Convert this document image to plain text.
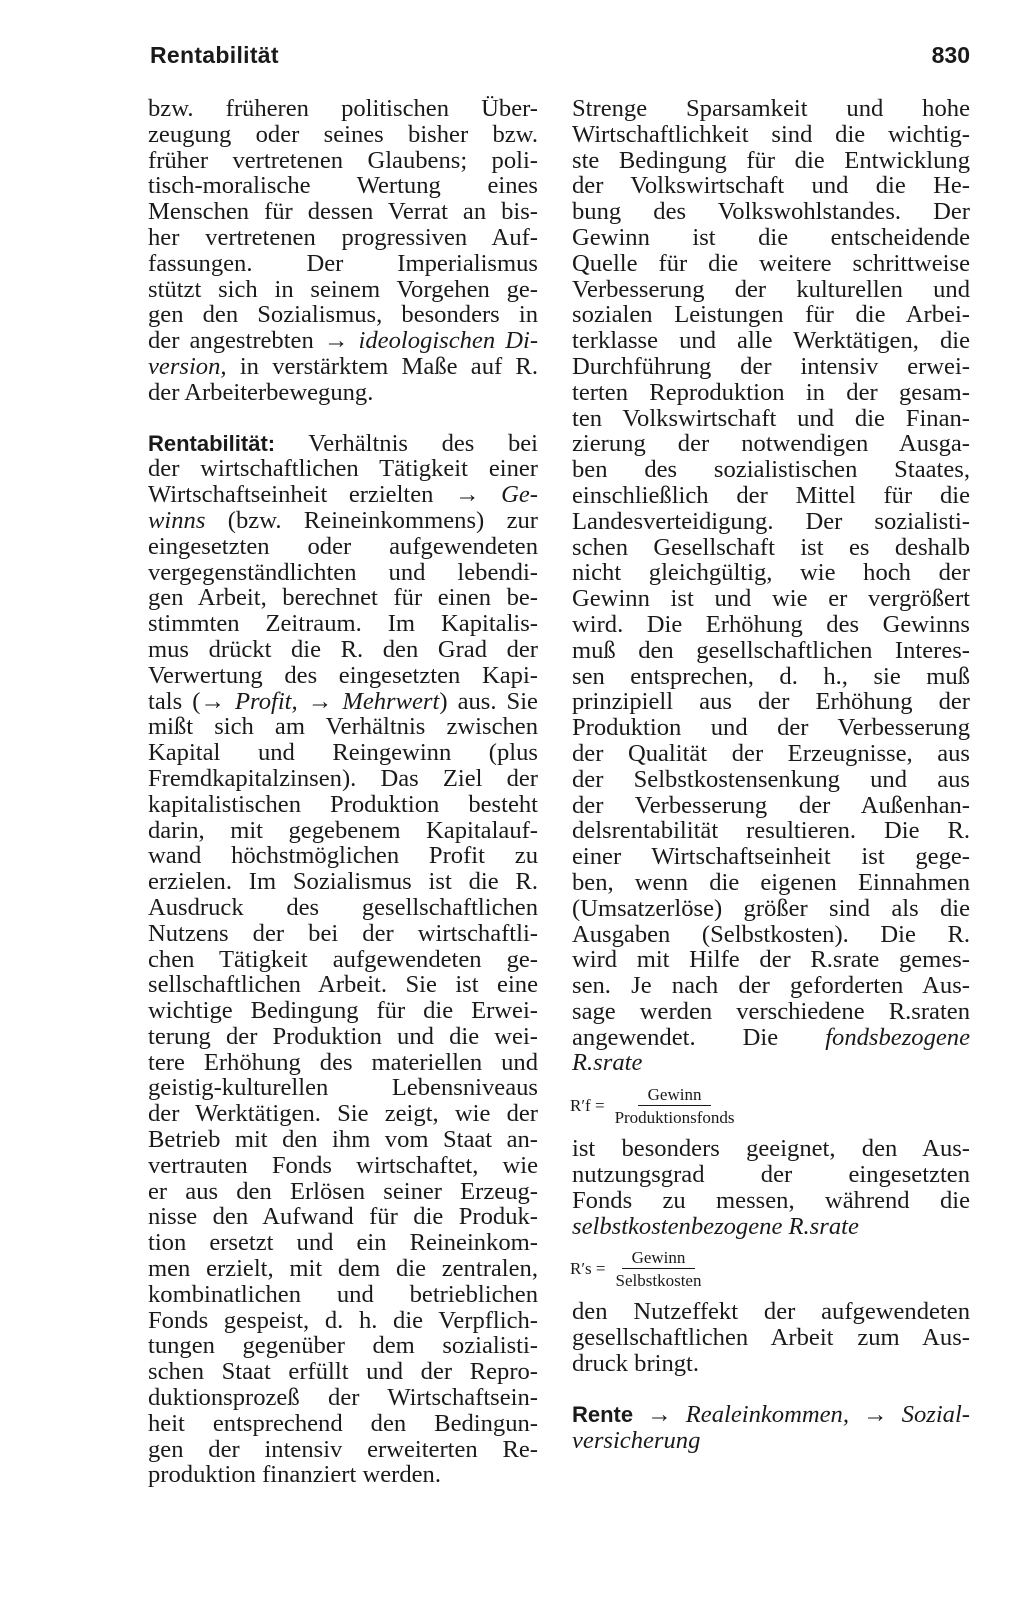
Rentabilität	830
bzw. früheren politischen Über-
zeugung oder seines bisher bzw.
früher vertretenen Glaubens; poli-
tisch-moralische Wertung eines
Menschen für dessen Verrat an bis-
her vertretenen progressiven Auf-
fassungen. Der Imperialismus
stützt sich in seinem Vorgehen ge-
gen den Sozialismus, besonders in
der angestrebten → ideologischen Di-
version, in verstärktem Maße auf R.
der Arbeiterbewegung.
Rentabilität: Verhältnis des bei
der wirtschaftlichen Tätigkeit einer
Wirtschaftseinheit erzielten → Ge-
winns (bzw. Reineinkommens) zur
eingesetzten oder aufgewendeten
vergegenständlichten und lebendi-
gen Arbeit, berechnet für einen be-
stimmten Zeitraum. Im Kapitalis-
mus drückt die R. den Grad der
Verwertung des eingesetzten Kapi-
tals (→ Profit, → Mehrwert) aus. Sie
mißt sich am Verhältnis zwischen
Kapital und Reingewinn (plus
Fremdkapitalzinsen). Das Ziel der
kapitalistischen Produktion besteht
darin, mit gegebenem Kapitalauf-
wand höchstmöglichen Profit zu
erzielen. Im Sozialismus ist die R.
Ausdruck des gesellschaftlichen
Nutzens der bei der wirtschaftli-
chen Tätigkeit aufgewendeten ge-
sellschaftlichen Arbeit. Sie ist eine
wichtige Bedingung für die Erwei-
terung der Produktion und die wei-
tere Erhöhung des materiellen und
geistig-kulturellen Lebensniveaus
der Werktätigen. Sie zeigt, wie der
Betrieb mit den ihm vom Staat an-
vertrauten Fonds wirtschaftet, wie
er aus den Erlösen seiner Erzeug-
nisse den Aufwand für die Produk-
tion ersetzt und ein Reineinkom-
men erzielt, mit dem die zentralen,
kombinatlichen und betrieblichen
Fonds gespeist, d. h. die Verpflich-
tungen gegenüber dem sozialisti-
schen Staat erfüllt und der Repro-
duktionsprozeß der Wirtschaftsein-
heit entsprechend den Bedingun-
gen der intensiv erweiterten Re-
produktion finanziert werden.
Strenge Sparsamkeit und hohe
Wirtschaftlichkeit sind die wichtig-
ste Bedingung für die Entwicklung
der Volkswirtschaft und die He-
bung des Volkswohlstandes. Der
Gewinn ist die entscheidende
Quelle für die weitere schrittweise
Verbesserung der kulturellen und
sozialen Leistungen für die Arbei-
terklasse und alle Werktätigen, die
Durchführung der intensiv erwei-
terten Reproduktion in der gesam-
ten Volkswirtschaft und die Finan-
zierung der notwendigen Ausga-
ben des sozialistischen Staates,
einschließlich der Mittel für die
Landesverteidigung. Der sozialisti-
schen Gesellschaft ist es deshalb
nicht gleichgültig, wie hoch der
Gewinn ist und wie er vergrößert
wird. Die Erhöhung des Gewinns
muß den gesellschaftlichen Interes-
sen entsprechen, d. h., sie muß
prinzipiell aus der Erhöhung der
Produktion und der Verbesserung
der Qualität der Erzeugnisse, aus
der Selbstkostensenkung und aus
der Verbesserung der Außenhan-
delsrentabilität resultieren. Die R.
einer Wirtschaftseinheit ist gege-
ben, wenn die eigenen Einnahmen
(Umsatzerlöse) größer sind als die
Ausgaben (Selbstkosten). Die R.
wird mit Hilfe der R.srate gemes-
sen. Je nach der geforderten Aus-
sage werden verschiedene R.sraten
angewendet. Die fondsbezogene
R.srate
$R'f = \frac{\text{Gewinn}}{\text{Produktionsfonds}}$
ist besonders geeignet, den Aus-
nutzungsgrad der eingesetzten
Fonds zu messen, während die
selbstkostenbezogene R.srate
$R's = \frac{\text{Gewinn}}{\text{Selbstkosten}}$
den Nutzeffekt der aufgewendeten
gesellschaftlichen Arbeit zum Aus-
druck bringt.
Rente → Realeinkommen, → Sozial-
versicherung
